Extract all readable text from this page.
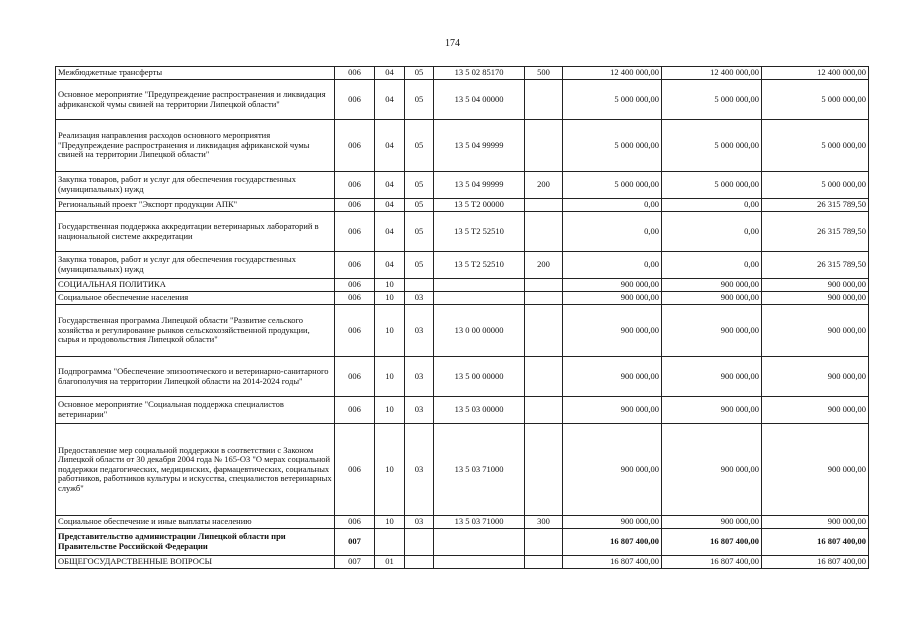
174
Межбюджетные трансферты	006	04	05	13 5 02 85170	500	12 400 000,00	12 400 000,00	12 400 000,00
Основное мероприятие "Предупреждение распространения и ликвидация африканской чумы свиней на территории Липецкой области"	006	04	05	13 5 04 00000		5 000 000,00	5 000 000,00	5 000 000,00
Реализация направления расходов основного мероприятия "Предупреждение распространения и ликвидация африканской чумы свиней на территории Липецкой области"	006	04	05	13 5 04 99999		5 000 000,00	5 000 000,00	5 000 000,00
Закупка товаров, работ и услуг для обеспечения государственных (муниципальных) нужд	006	04	05	13 5 04 99999	200	5 000 000,00	5 000 000,00	5 000 000,00
Региональный проект "Экспорт продукции АПК"	006	04	05	13 5 T2 00000		0,00	0,00	26 315 789,50
Государственная поддержка аккредитации ветеринарных лабораторий в национальной системе аккредитации	006	04	05	13 5 T2 52510		0,00	0,00	26 315 789,50
Закупка товаров, работ и услуг для обеспечения государственных (муниципальных) нужд	006	04	05	13 5 T2 52510	200	0,00	0,00	26 315 789,50
СОЦИАЛЬНАЯ ПОЛИТИКА	006	10				900 000,00	900 000,00	900 000,00
Социальное обеспечение населения	006	10	03			900 000,00	900 000,00	900 000,00
Государственная программа Липецкой области "Развитие сельского хозяйства и регулирование рынков сельскохозяйственной продукции, сырья и продовольствия Липецкой области"	006	10	03	13 0 00 00000		900 000,00	900 000,00	900 000,00
Подпрограмма "Обеспечение эпизоотического и ветеринарно-санитарного благополучия на территории Липецкой области на 2014-2024 годы"	006	10	03	13 5 00 00000		900 000,00	900 000,00	900 000,00
Основное мероприятие "Социальная поддержка специалистов ветеринарии"	006	10	03	13 5 03 00000		900 000,00	900 000,00	900 000,00
Предоставление мер социальной поддержки в соответствии с Законом Липецкой области от 30 декабря 2004 года № 165-ОЗ "О мерах социальной поддержки педагогических, медицинских, фармацевтических, социальных работников, работников культуры и искусства, специалистов ветеринарных служб"	006	10	03	13 5 03 71000		900 000,00	900 000,00	900 000,00
Социальное обеспечение и иные выплаты населению	006	10	03	13 5 03 71000	300	900 000,00	900 000,00	900 000,00
Представительство администрации Липецкой области при Правительстве Российской Федерации	007					16 807 400,00	16 807 400,00	16 807 400,00
ОБЩЕГОСУДАРСТВЕННЫЕ ВОПРОСЫ	007	01				16 807 400,00	16 807 400,00	16 807 400,00
